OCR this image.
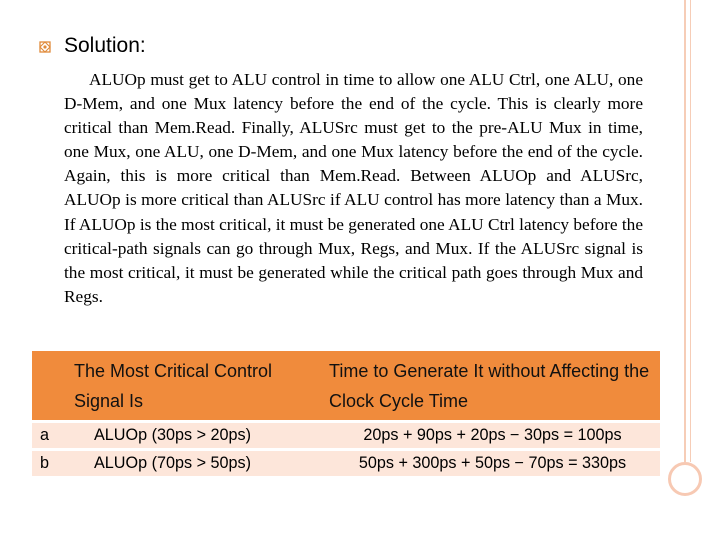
Solution:
ALUOp must get to ALU control in time to allow one ALU Ctrl, one ALU, one D-Mem, and one Mux latency before the end of the cycle. This is clearly more critical than Mem.Read. Finally, ALUSrc must get to the pre-ALU Mux in time, one Mux, one ALU, one D-Mem, and one Mux latency before the end of the cycle. Again, this is more critical than Mem.Read. Between ALUOp and ALUSrc, ALUOp is more critical than ALUSrc if ALU control has more latency than a Mux. If ALUOp is the most critical, it must be generated one ALU Ctrl latency before the critical-path signals can go through Mux, Regs, and Mux. If the ALUSrc signal is the most critical, it must be generated while the critical path goes through Mux and Regs.
	The Most Critical Control Signal Is	Time to Generate It without Affecting the Clock Cycle Time
a	ALUOp (30ps > 20ps)	20ps + 90ps + 20ps − 30ps = 100ps
b	ALUOp (70ps > 50ps)	50ps + 300ps + 50ps − 70ps = 330ps
